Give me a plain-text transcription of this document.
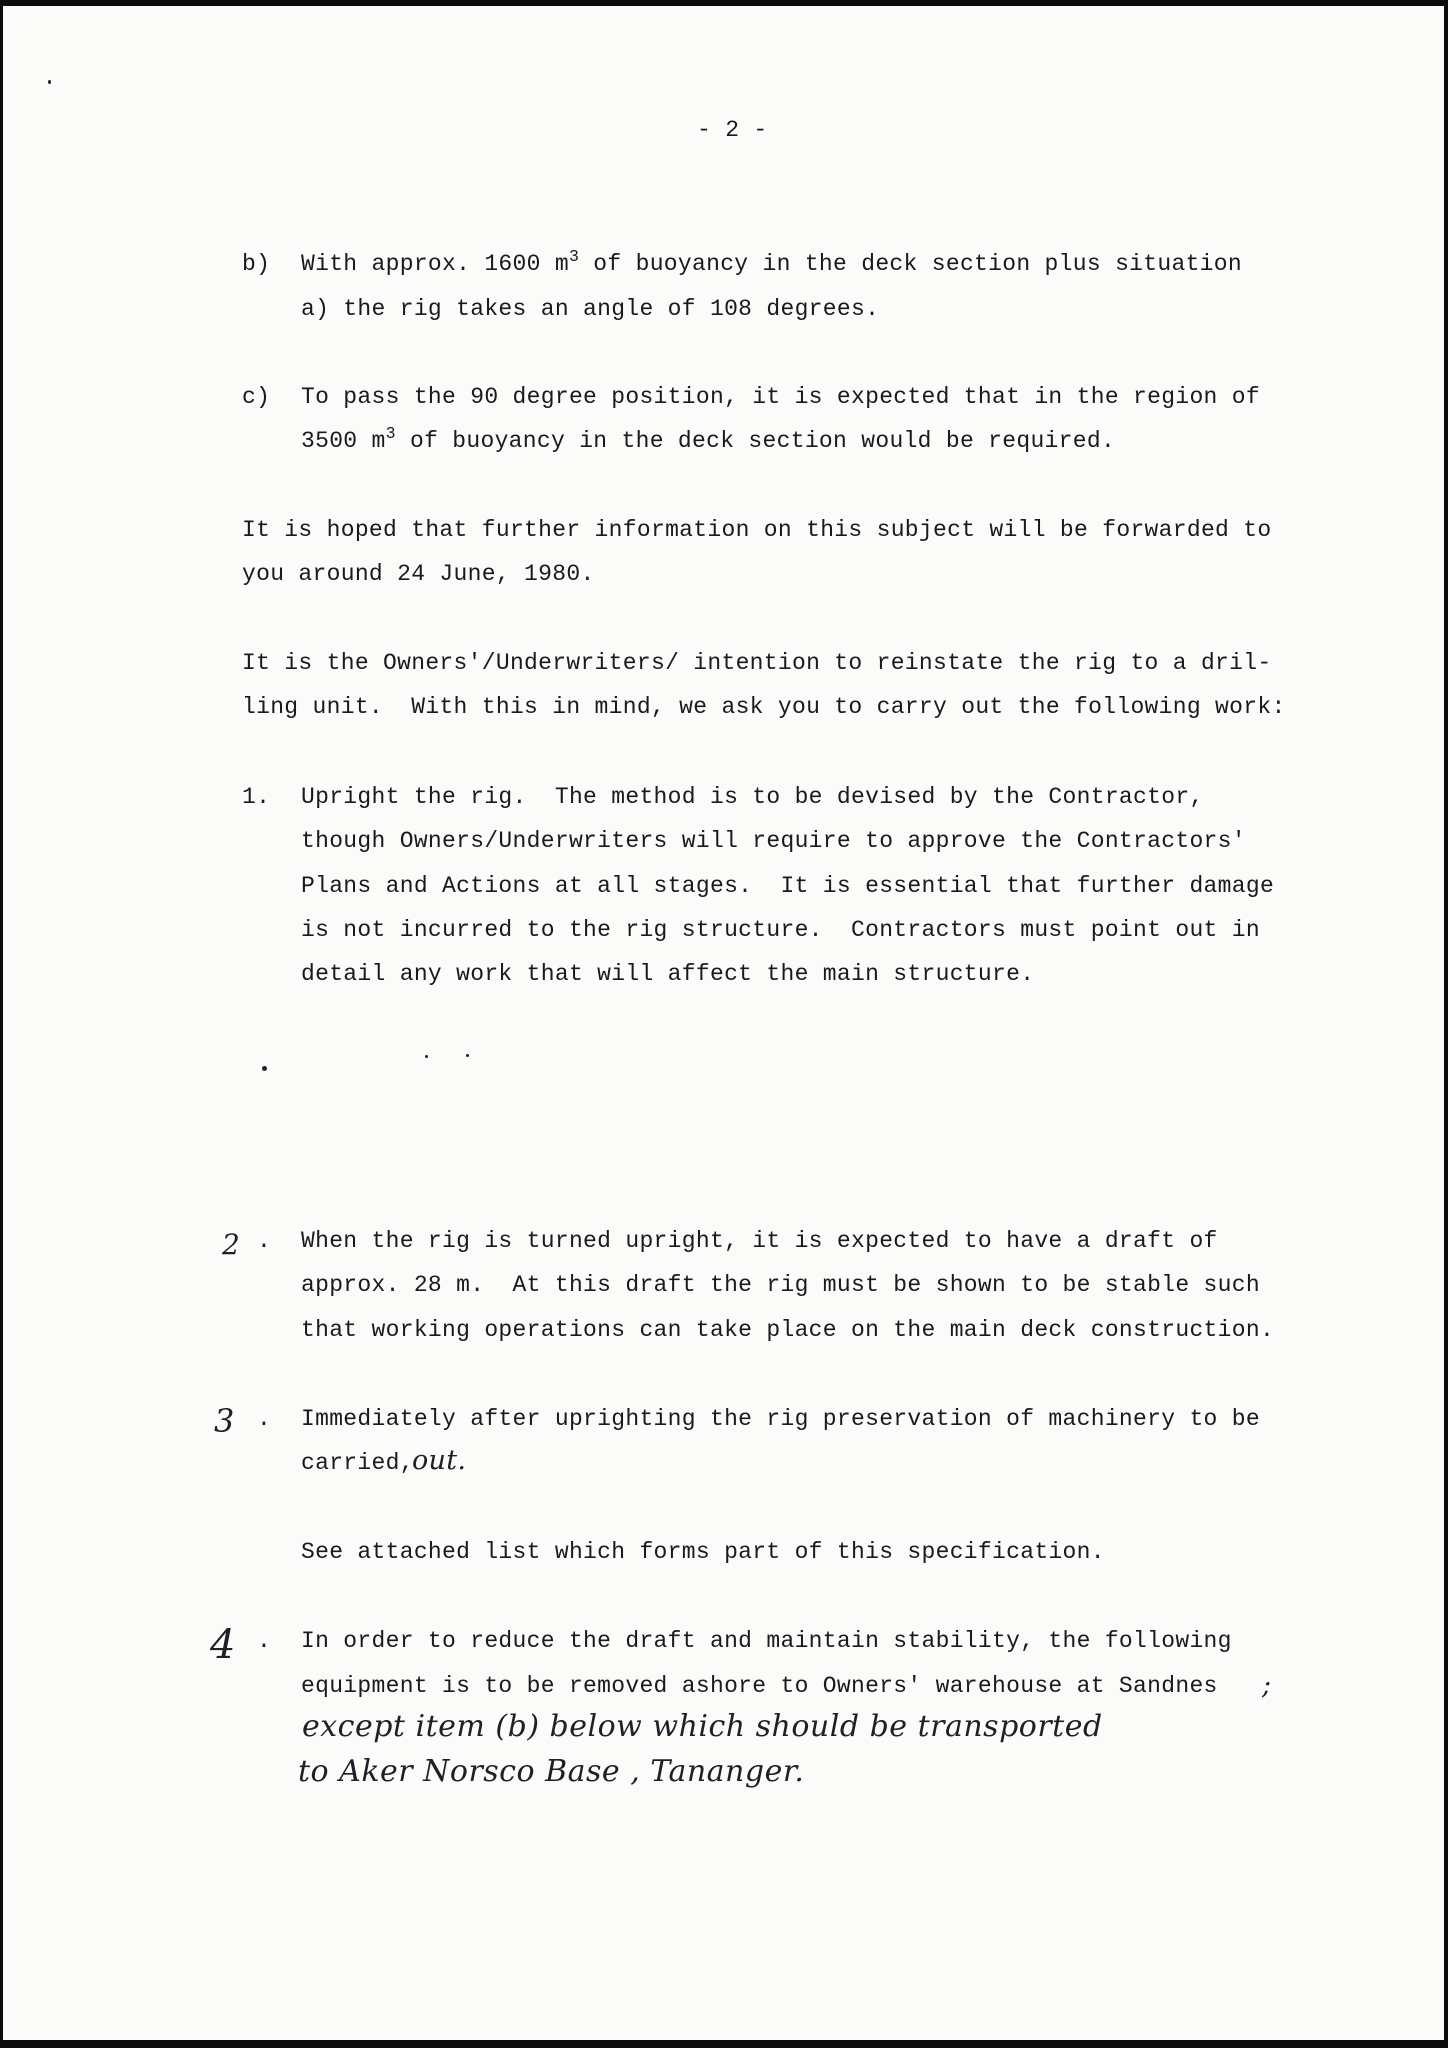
- 2 -
b) With approx. 1600 $m^3$ of buoyancy in the deck section plus situation
a) the rig takes an angle of 108 degrees.
c) To pass the 90 degree position, it is expected that in the region of
3500 $m^3$ of buoyancy in the deck section would be required.
It is hoped that further information on this subject will be forwarded to
you around 24 June, 1980.
It is the Owners'/Underwriters/ intention to reinstate the rig to a dril-
ling unit.  With this in mind, we ask you to carry out the following work:
1. Upright the rig.  The method is to be devised by the Contractor,
though Owners/Underwriters will require to approve the Contractors'
Plans and Actions at all stages.  It is essential that further damage
is not incurred to the rig structure.  Contractors must point out in
detail any work that will affect the main structure.
2 . When the rig is turned upright, it is expected to have a draft of
approx. 28 m.  At this draft the rig must be shown to be stable such
that working operations can take place on the main deck construction.
3 . Immediately after uprighting the rig preservation of machinery to be
carried,
out.
See attached list which forms part of this specification.
4 . In order to reduce the draft and maintain stability, the following
equipment is to be removed ashore to Owners' warehouse at Sandnes ;
except item (b) below which should be transported
to Aker Norsco Base , Tananger.
